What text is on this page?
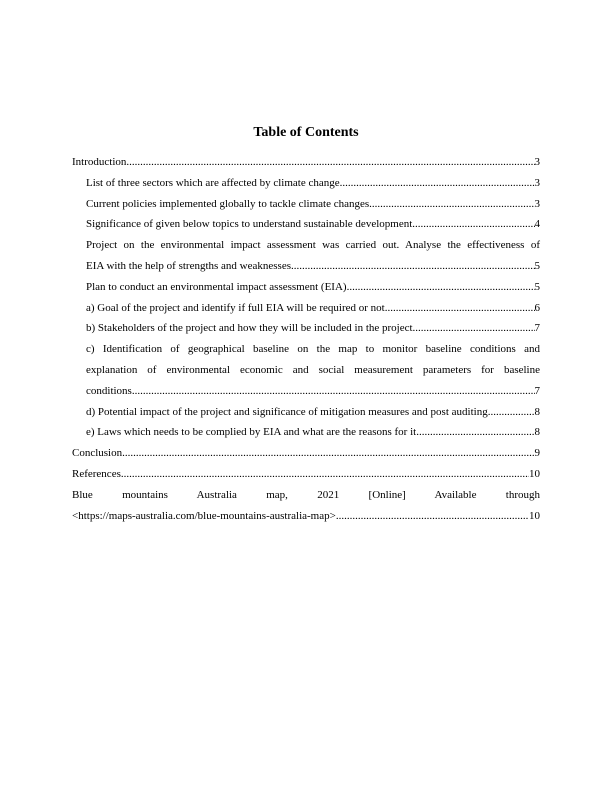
Table of Contents
Introduction .....	3
List of three sectors which are affected by climate change .....	3
Current policies implemented globally to tackle climate changes .....	3
Significance of given below topics to understand sustainable development .....	4
Project on the environmental impact assessment was carried out. Analyse the effectiveness of
EIA with the help of strengths and weaknesses .....	5
Plan to conduct an environmental impact assessment (EIA) .....	5
a) Goal of the project and identify if full EIA will be required or not .....	6
b) Stakeholders of the project and how they will be included in the project .....	7
c) Identification of geographical baseline on the map to monitor baseline conditions and
explanation of environmental economic and social measurement parameters for baseline
conditions .....	7
d) Potential impact of the project and significance of mitigation measures and post auditing .....	8
e) Laws which needs to be complied by EIA and what are the reasons for it .....	8
Conclusion .....	9
References .....	10
Blue mountains Australia map, 2021 [Online] Available through
<https://maps-australia.com/blue-mountains-australia-map> .....	10
